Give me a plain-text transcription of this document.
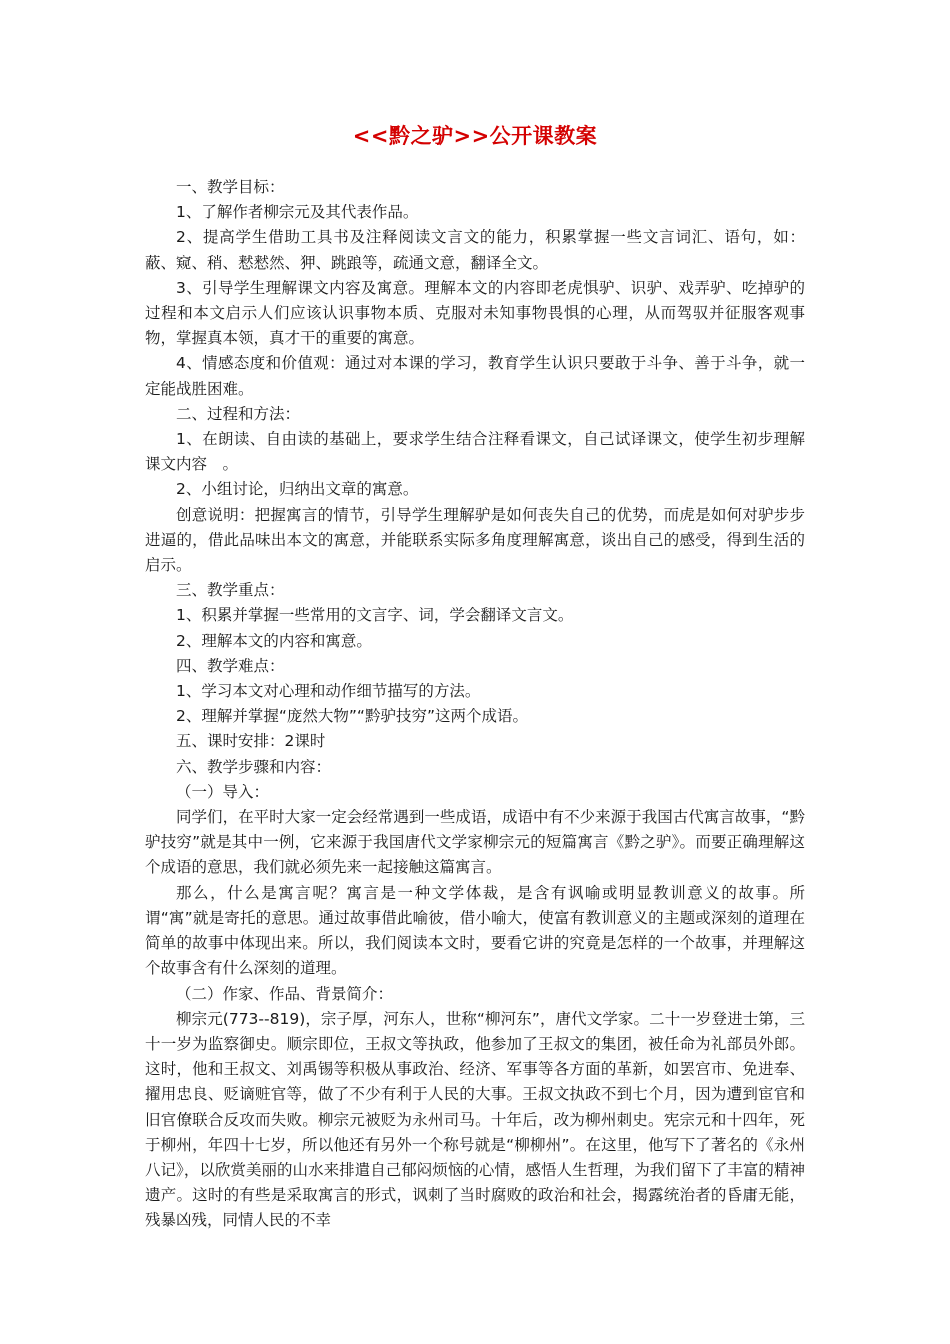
<<黔之驴>>公开课教案

一、教学目标：

1、了解作者柳宗元及其代表作品。

2、提高学生借助工具书及注释阅读文言文的能力，积累掌握一些文言词汇、语句，如：蔽、窥、稍、慭慭然、狎、跳踉等，疏通文意，翻译全文。

3、引导学生理解课文内容及寓意。理解本文的内容即老虎惧驴、识驴、戏弄驴、吃掉驴的过程和本文启示人们应该认识事物本质、克服对未知事物畏惧的心理，从而驾驭并征服客观事物，掌握真本领，真才干的重要的寓意。

4、情感态度和价值观：通过对本课的学习，教育学生认识只要敢于斗争、善于斗争，就一定能战胜困难。

二、过程和方法：

1、在朗读、自由读的基础上，要求学生结合注释看课文，自己试译课文，使学生初步理解课文内容　。

2、小组讨论，归纳出文章的寓意。

创意说明：把握寓言的情节，引导学生理解驴是如何丧失自己的优势，而虎是如何对驴步步进逼的，借此品味出本文的寓意，并能联系实际多角度理解寓意，谈出自己的感受，得到生活的启示。

三、教学重点：

1、积累并掌握一些常用的文言字、词，学会翻译文言文。

2、理解本文的内容和寓意。

四、教学难点：

1、学习本文对心理和动作细节描写的方法。

2、理解并掌握“庞然大物”“黔驴技穷”这两个成语。

五、课时安排：2课时

六、教学步骤和内容：

（一）导入：

同学们，在平时大家一定会经常遇到一些成语，成语中有不少来源于我国古代寓言故事，“黔驴技穷”就是其中一例，它来源于我国唐代文学家柳宗元的短篇寓言《黔之驴》。而要正确理解这个成语的意思，我们就必须先来一起接触这篇寓言。

那么，什么是寓言呢？寓言是一种文学体裁，是含有讽喻或明显教训意义的故事。所谓“寓”就是寄托的意思。通过故事借此喻彼，借小喻大，使富有教训意义的主题或深刻的道理在简单的故事中体现出来。所以，我们阅读本文时，要看它讲的究竟是怎样的一个故事，并理解这个故事含有什么深刻的道理。

（二）作家、作品、背景简介：

柳宗元(773--819)，宗子厚，河东人，世称“柳河东”，唐代文学家。二十一岁登进士第，三十一岁为监察御史。顺宗即位，王叔文等执政，他参加了王叔文的集团，被任命为礼部员外郎。这时，他和王叔文、刘禹锡等积极从事政治、经济、军事等各方面的革新，如罢宫市、免进奉、擢用忠良、贬谪赃官等，做了不少有利于人民的大事。王叔文执政不到七个月，因为遭到宦官和旧官僚联合反攻而失败。柳宗元被贬为永州司马。十年后，改为柳州刺史。宪宗元和十四年，死于柳州，年四十七岁，所以他还有另外一个称号就是“柳柳州”。在这里，他写下了著名的《永州八记》，以欣赏美丽的山水来排遣自己郁闷烦恼的心情，感悟人生哲理，为我们留下了丰富的精神遗产。这时的有些是采取寓言的形式，讽刺了当时腐败的政治和社会，揭露统治者的昏庸无能，残暴凶残，同情人民的不幸
